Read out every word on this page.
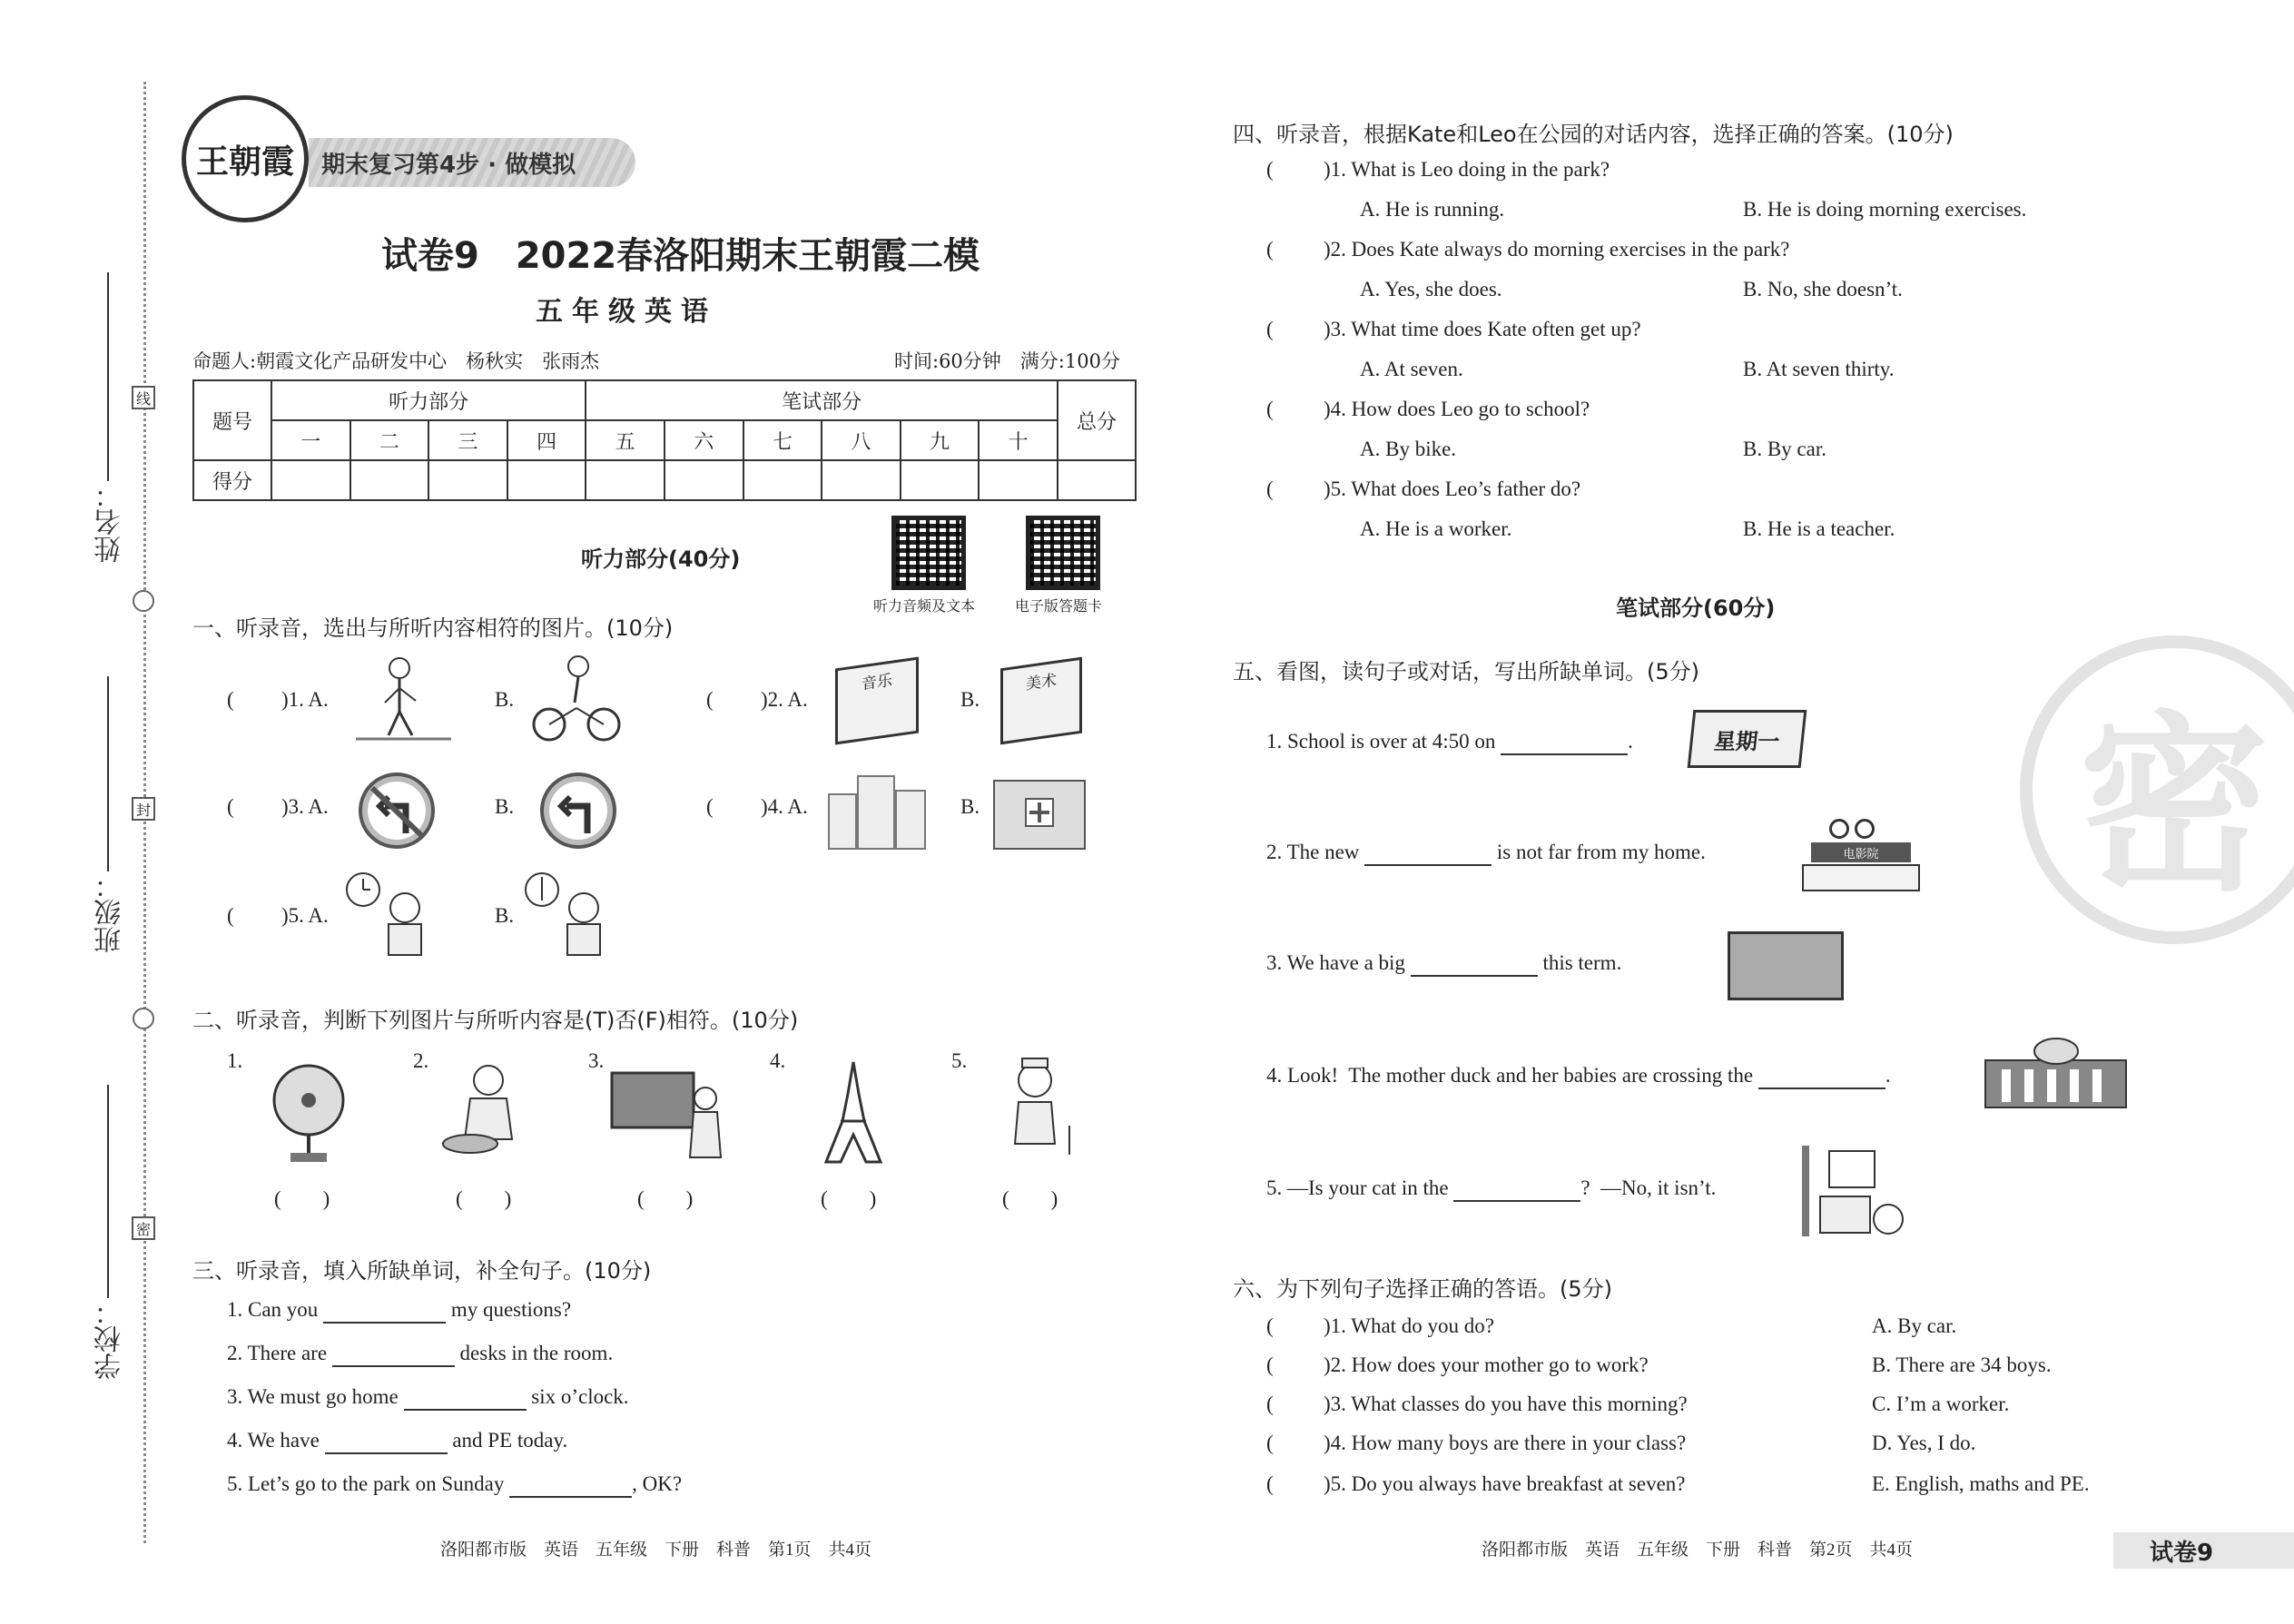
姓名：
线
班级：
封
学校：
密
王朝霞	期末复习第4步 · 做模拟
试卷9　2022春洛阳期末王朝霞二模
五年级英语
命题人:朝霞文化产品研发中心　杨秋实　张雨杰	时间:60分钟　满分:100分
题号	听力部分				笔试部分						总分
	一	二	三	四	五	六	七	八	九	十	
得分											
听力部分(40分)
听力音频及文本	电子版答题卡
一、听录音，选出与所听内容相符的图片。(10分)
( )1. A.	B.	( )2. A.
音乐
B.
美术
( )3. A.	B.	( )4. A.	B.
( )5. A.	B.
二、听录音，判断下列图片与所听内容是(T)否(F)相符。(10分)
1.
(　　)
2.
(　　)
3.
(　　)
4.
(　　)
5.
(　　)
三、听录音，填入所缺单词，补全句子。(10分)
1. Can you	my questions?
2. There are	desks in the room.
3. We must go home	six o’clock.
4. We have	and PE today.
5. Let’s go to the park on Sunday	, OK?
洛阳都市版　英语　五年级　下册　科普　第1页　共4页
四、听录音，根据Kate和Leo在公园的对话内容，选择正确的答案。(10分)
( )1. What is Leo doing in the park?
A. He is running.	B. He is doing morning exercises.
( )2. Does Kate always do morning exercises in the park?
A. Yes, she does.	B. No, she doesn’t.
( )3. What time does Kate often get up?
A. At seven.	B. At seven thirty.
( )4. How does Leo go to school?
A. By bike.	B. By car.
( )5. What does Leo’s father do?
A. He is a worker.	B. He is a teacher.
笔试部分(60分)
五、看图，读句子或对话，写出所缺单词。(5分)
1. School is over at 4:50 on	.	星期一
2. The new	is not far from my home.	电影院
3. We have a big	this term.
4. Look!  The mother duck and her babies are crossing the	.
5. —Is your cat in the	?  —No, it isn’t.
六、为下列句子选择正确的答语。(5分)
( )1. What do you do?	A. By car.
( )2. How does your mother go to work?	B. There are 34 boys.
( )3. What classes do you have this morning?	C. I’m a worker.
( )4. How many boys are there in your class?	D. Yes, I do.
( )5. Do you always have breakfast at seven?	E. English, maths and PE.
洛阳都市版　英语　五年级　下册　科普　第2页　共4页	试卷9
密
